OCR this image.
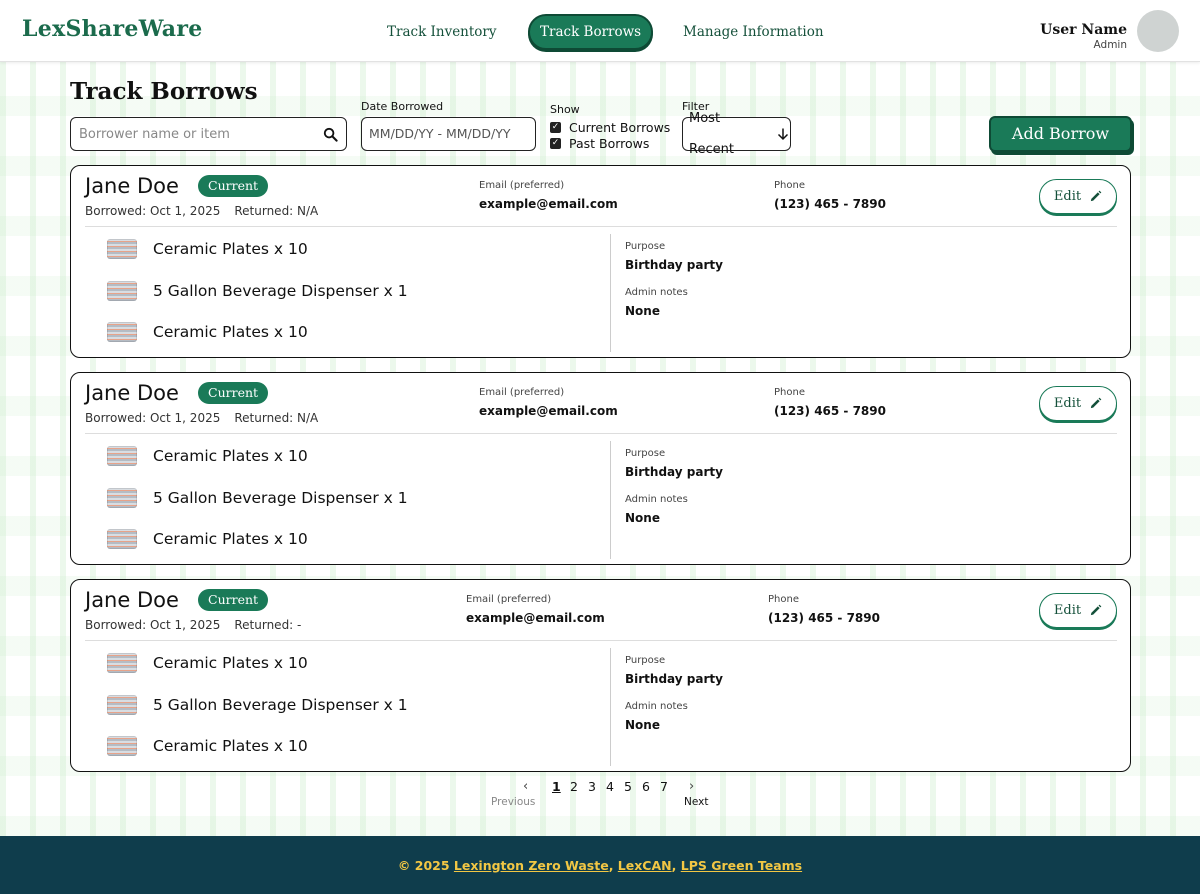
LexShareWare	Track Inventory	Track Borrows	Manage Information	User Name
Admin
Track Borrows
Borrower name or item
Date Borrowed
MM/DD/YY - MM/DD/YY
Show
✓ Current Borrows
✓ Past Borrows
Filter
Most Recent
Add Borrow
Jane Doe	Current
Borrowed: Oct 1, 2025 Returned: N/A
Email (preferred)
example@email.com
Phone
(123) 465 - 7890	Edit
Ceramic Plates x 10
5 Gallon Beverage Dispenser x 1
Ceramic Plates x 10
Purpose
Birthday party
Admin notes
None
Jane Doe	Current
Borrowed: Oct 1, 2025 Returned: N/A
Email (preferred)
example@email.com
Phone
(123) 465 - 7890	Edit
Ceramic Plates x 10
5 Gallon Beverage Dispenser x 1
Ceramic Plates x 10
Purpose
Birthday party
Admin notes
None
Jane Doe	Current
Borrowed: Oct 1, 2025 Returned: -
Email (preferred)
example@email.com
Phone
(123) 465 - 7890	Edit
Ceramic Plates x 10
5 Gallon Beverage Dispenser x 1
Ceramic Plates x 10
Purpose
Birthday party
Admin notes
None
‹
Previous
1 2 3 4 5 6 7 ›
Next
© 2025
Lexington Zero Waste , LexCAN , LPS Green Teams
